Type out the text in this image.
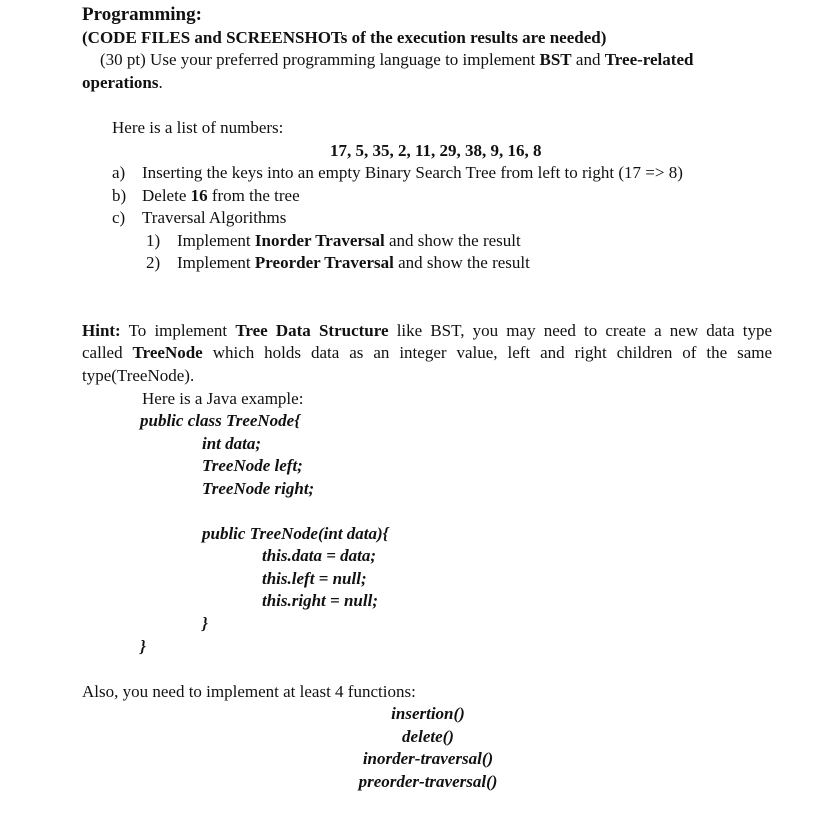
Programming:
(CODE FILES and SCREENSHOTs of the execution results are needed)
(30 pt) Use your preferred programming language to implement BST and Tree-related
operations.
Here is a list of numbers:
17, 5, 35, 2, 11, 29, 38, 9, 16, 8
a) Inserting the keys into an empty Binary Search Tree from left to right (17 => 8)
b) Delete 16 from the tree
c) Traversal Algorithms
1) Implement Inorder Traversal and show the result
2) Implement Preorder Traversal and show the result
Hint: To implement Tree Data Structure like BST, you may need to create a new data type
called TreeNode which holds data as an integer value, left and right children of the same
type(TreeNode).
Here is a Java example:
public class TreeNode{
int data;
TreeNode left;
TreeNode right;
public TreeNode(int data){
this.data = data;
this.left = null;
this.right = null;
}
}
Also, you need to implement at least 4 functions:
insertion()
delete()
inorder-traversal()
preorder-traversal()
